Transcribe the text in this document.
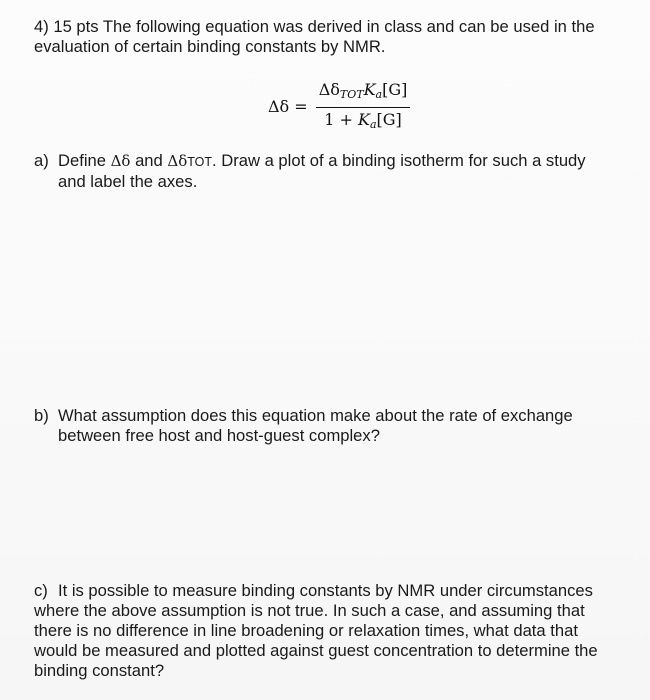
4) 15 pts The following equation was derived in class and can be used in the
evaluation of certain binding constants by NMR.
$\Delta\delta = \frac{\Delta\delta_{TOT}K_a[G]}{1 + K_a[G]}$
a) Define Δδ and ΔδTOT. Draw a plot of a binding isotherm for such a study
and label the axes.
b) What assumption does this equation make about the rate of exchange
between free host and host-guest complex?
c) It is possible to measure binding constants by NMR under circumstances
where the above assumption is not true. In such a case, and assuming that
there is no difference in line broadening or relaxation times, what data that
would be measured and plotted against guest concentration to determine the
binding constant?
